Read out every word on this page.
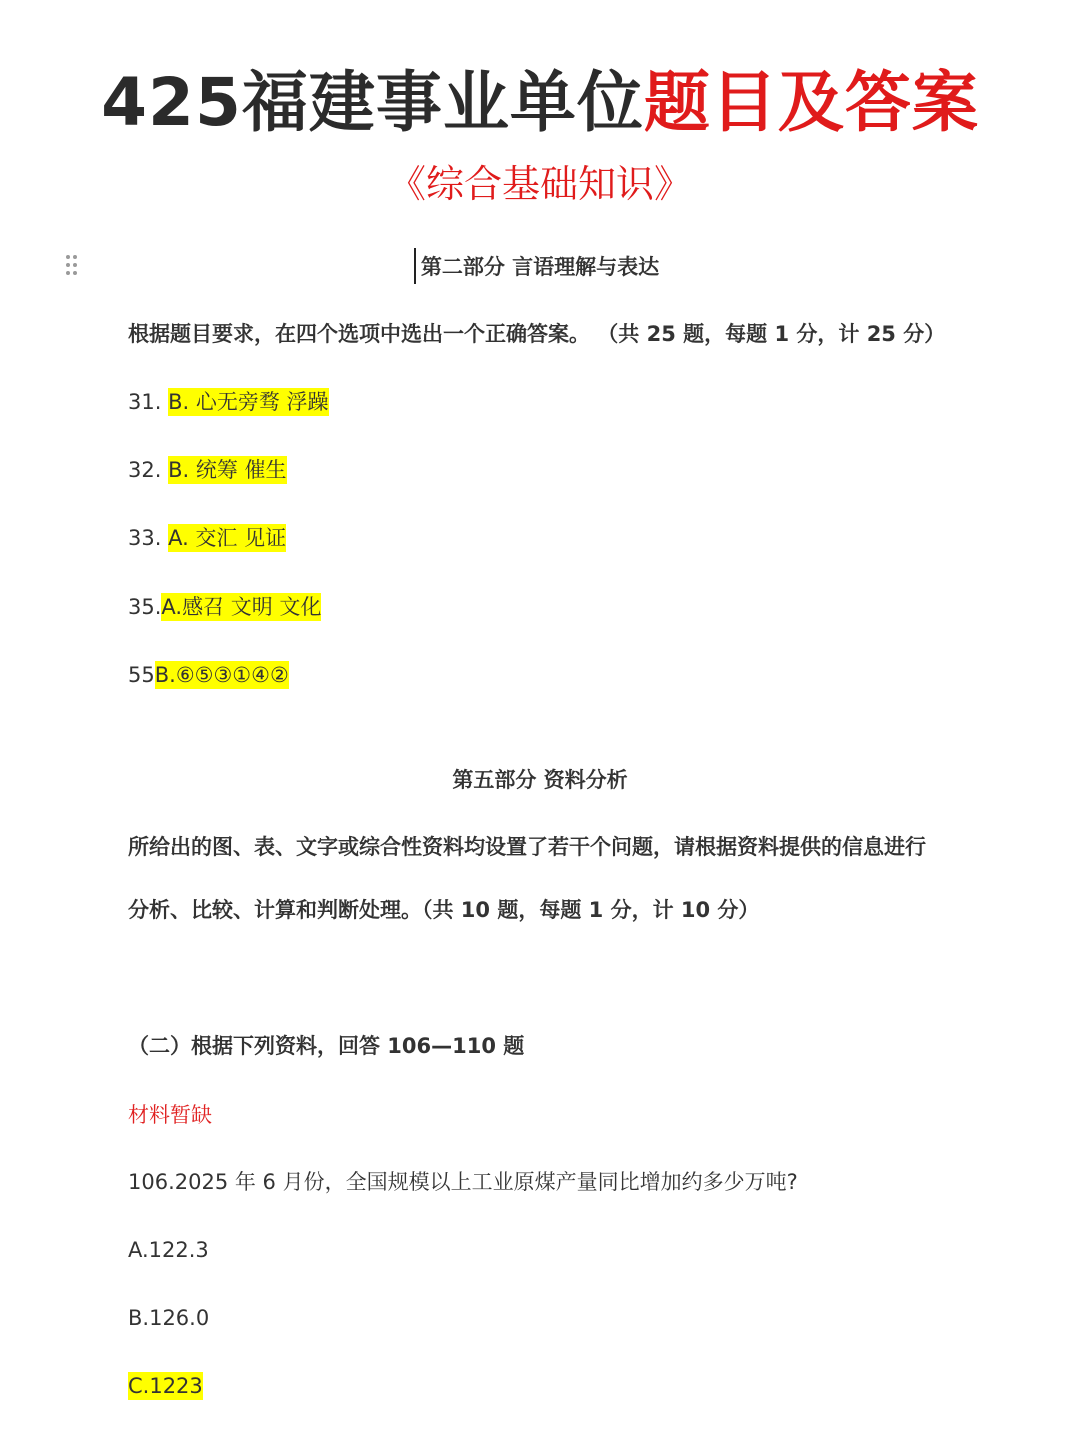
425福建事业单位题目及答案
《综合基础知识》
第二部分 言语理解与表达
根据题目要求，在四个选项中选出一个正确答案。 （共 25 题，每题 1 分，计 25 分）
31. B. 心无旁骛 浮躁
32. B. 统筹 催生
33. A. 交汇 见证
35.A.感召 文明 文化
55B.⑥⑤③①④②
第五部分 资料分析
所给出的图、表、文字或综合性资料均设置了若干个问题，请根据资料提供的信息进行
分析、比较、计算和判断处理。（共 10 题，每题 1 分，计 10 分）
（二）根据下列资料，回答 106—110 题
材料暂缺
106.2025 年 6 月份，全国规模以上工业原煤产量同比增加约多少万吨?
A.122.3
B.126.0
C.1223
